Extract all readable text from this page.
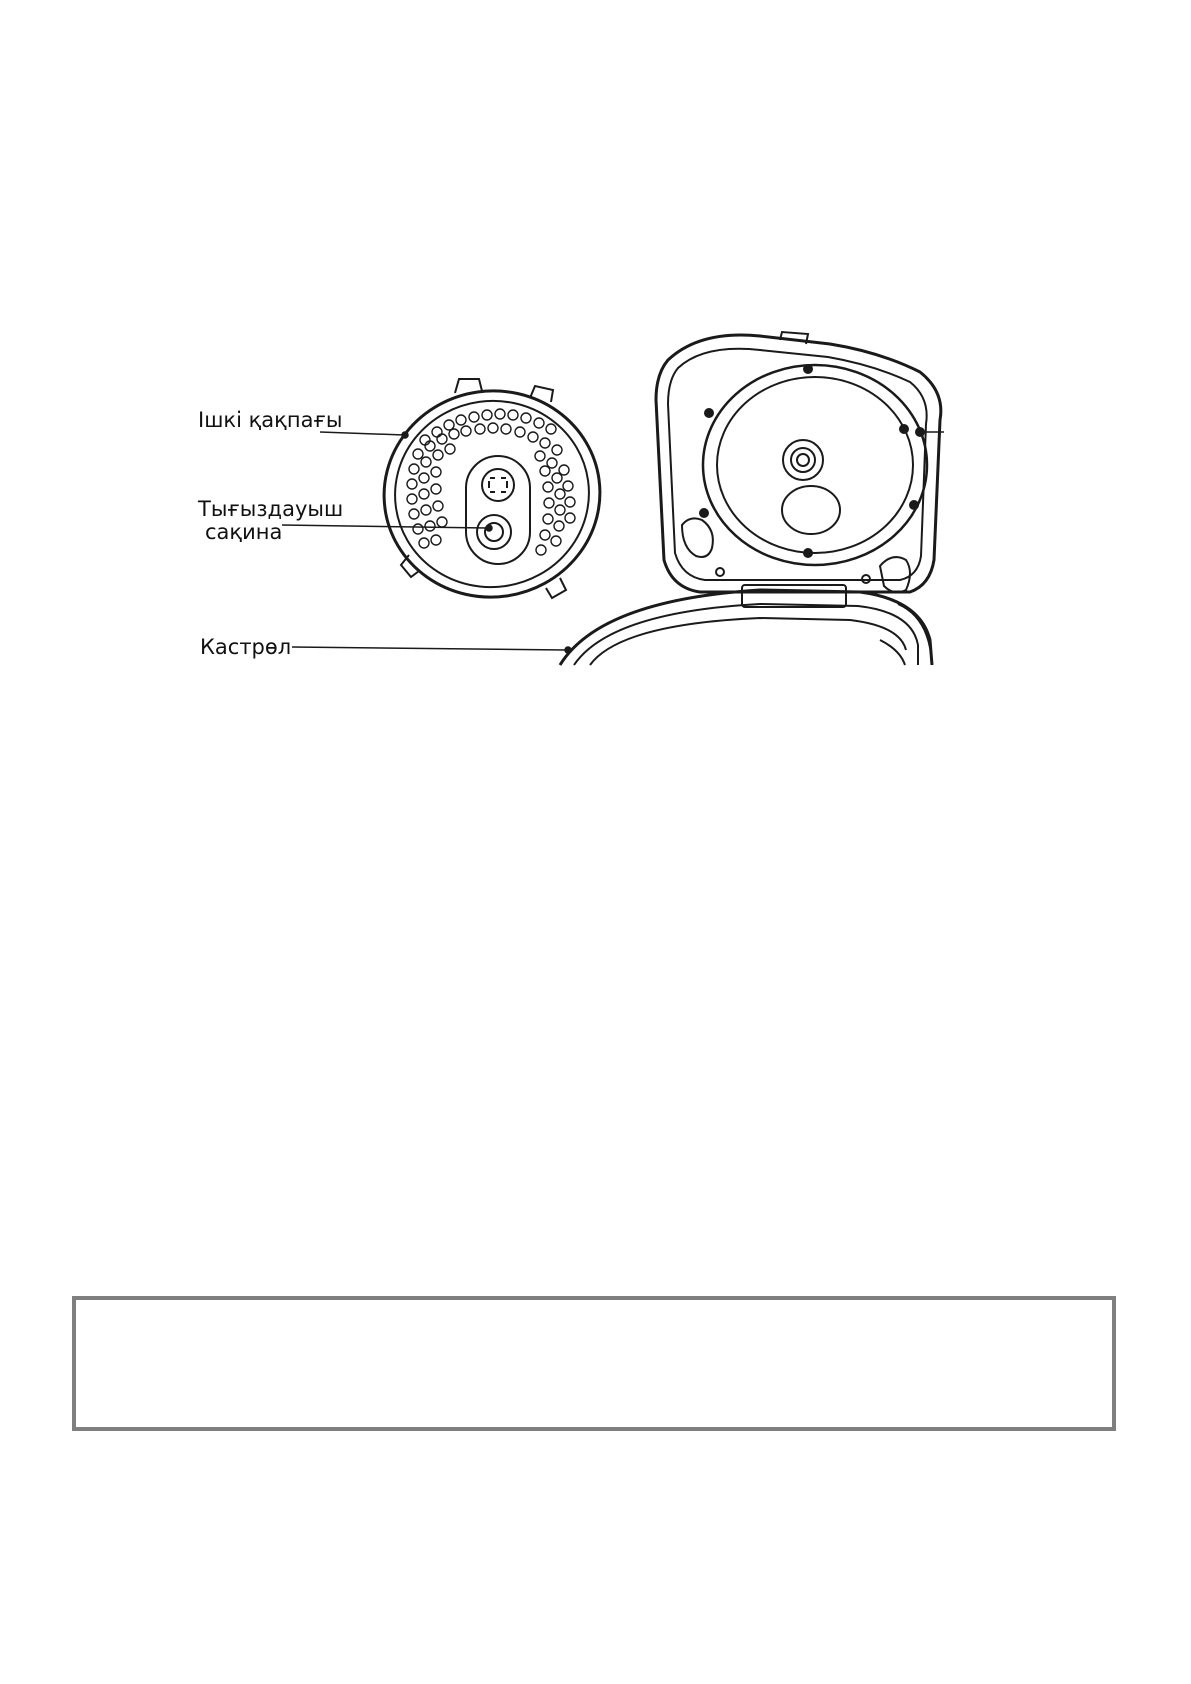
Ішкі қақпағы
Тығыздауыш
сақина
Кастрөл
